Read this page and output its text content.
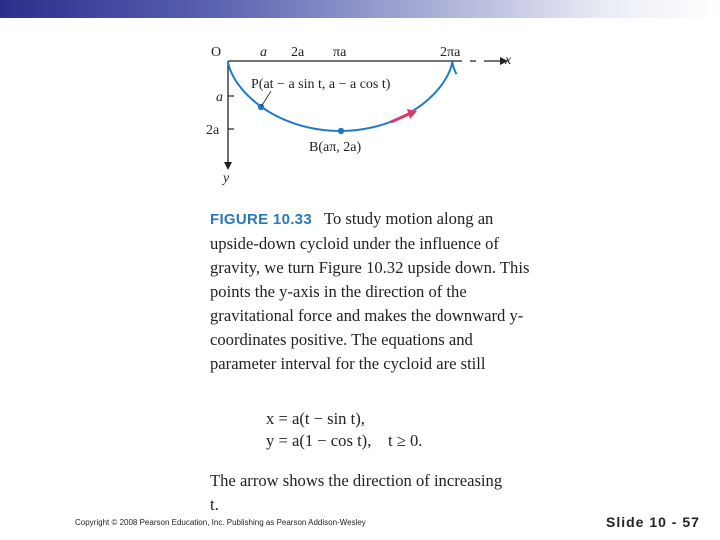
O	a 2a πa	2πa
x
y
a
2a
P(at − a sin t, a − a cos t)
B(aπ, 2a)
FIGURE 10.33 To study motion along an upside-down cycloid under the influence of gravity, we turn Figure 10.32 upside down. This points the y-axis in the direction of the gravitational force and makes the downward y-coordinates positive. The equations and parameter interval for the cycloid are still
x = a(t − sin t),
y = a(1 − cos t),    t ≥ 0.
The arrow shows the direction of increasing t.
Copyright © 2008 Pearson Education, Inc. Publishing as Pearson Addison-Wesley	Slide 10 - 57
